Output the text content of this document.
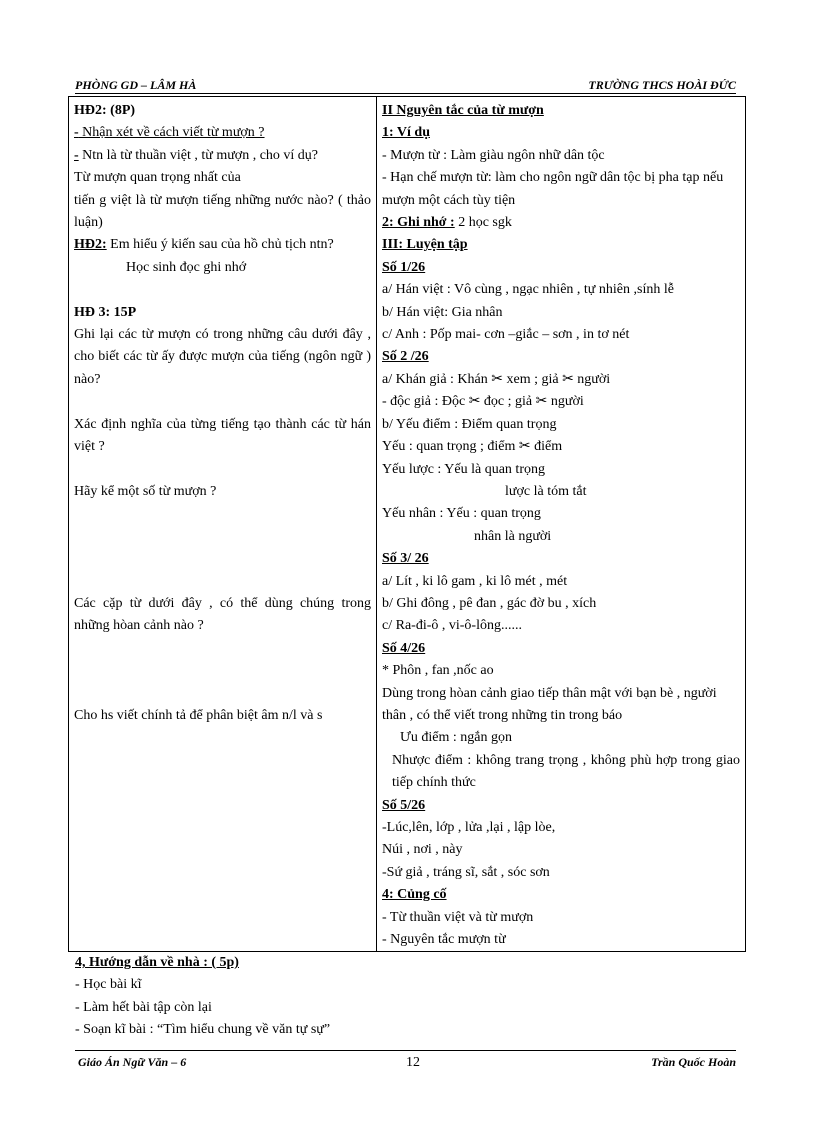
PHÒNG GD – LÂM HÀ	TRƯỜNG THCS HOÀI ĐỨC
HĐ2: (8P)
- Nhận xét về cách viết từ mượn ?
- Ntn là từ thuần việt , từ mượn , cho ví dụ?
Từ mượn quan trọng nhất của
tiến g việt là từ mượn tiếng những nước nào? ( thảo luận)
HĐ2: Em hiểu ý kiến sau của hồ chủ tịch ntn?
Học sinh đọc ghi nhớ
HĐ 3: 15P
Ghi lại các từ mượn có trong những câu dưới đây , cho biết các từ ấy được mượn của tiếng (ngôn ngữ ) nào?
Xác định nghĩa của từng tiếng tạo thành các từ hán việt ?
Hãy kể một số từ mượn ?
Các cặp từ dưới đây , có thể dùng chúng trong những hòan cảnh nào ?
Cho hs viết chính tả để phân biệt âm n/l và s

II Nguyên tắc của từ mượn
1: Ví dụ
- Mượn từ : Làm giàu ngôn nhữ dân tộc
- Hạn chế mượn từ: làm cho ngôn ngữ dân tộc bị pha tạp nếu mượn một cách tùy tiện
2: Ghi nhớ : 2 học sgk
III: Luyện tập
Số 1/26
a/ Hán việt : Vô cùng , ngạc nhiên , tự nhiên ,sính lễ
b/ Hán việt: Gia nhân
c/ Anh : Pốp mai- cơn –giắc – sơn , in tơ nét
Số 2 /26
a/ Khán giả : Khán ✂ xem ; giả ✂ người
- độc giả : Độc ✂ đọc ; giả ✂ người
b/ Yếu điểm : Điểm quan trọng
Yếu : quan trọng ; điểm ✂ điểm
Yếu lược : Yếu là quan trọng
lược là tóm tắt
Yếu nhân : Yếu : quan trọng
nhân là người
Số 3/ 26
a/ Lít , ki lô gam , ki lô mét , mét
b/ Ghi đông , pê đan , gác đờ bu , xích
c/ Ra-đi-ô , vi-ô-lông......
Số 4/26
* Phôn , fan ,nốc ao
Dùng trong hòan cảnh giao tiếp thân mật với bạn bè , người thân , có thể viết trong những tin trong báo
Ưu điểm : ngắn gọn
Nhược điểm : không trang trọng , không phù hợp trong giao tiếp chính thức
Số 5/26
-Lúc,lên, lớp , lửa ,lại , lập lòe,
Núi , nơi , này
-Sứ giả , tráng sĩ, sắt , sóc sơn
4: Củng cố
- Từ thuần việt và từ mượn
- Nguyên tắc mượn từ
4, Hướng dẫn về nhà : ( 5p)
- Học bài kĩ
- Làm hết bài tập còn lại
- Soạn kĩ bài : “Tìm hiểu chung về văn tự sự”
Giáo Án Ngữ Văn – 6	12	Trần Quốc Hoàn
